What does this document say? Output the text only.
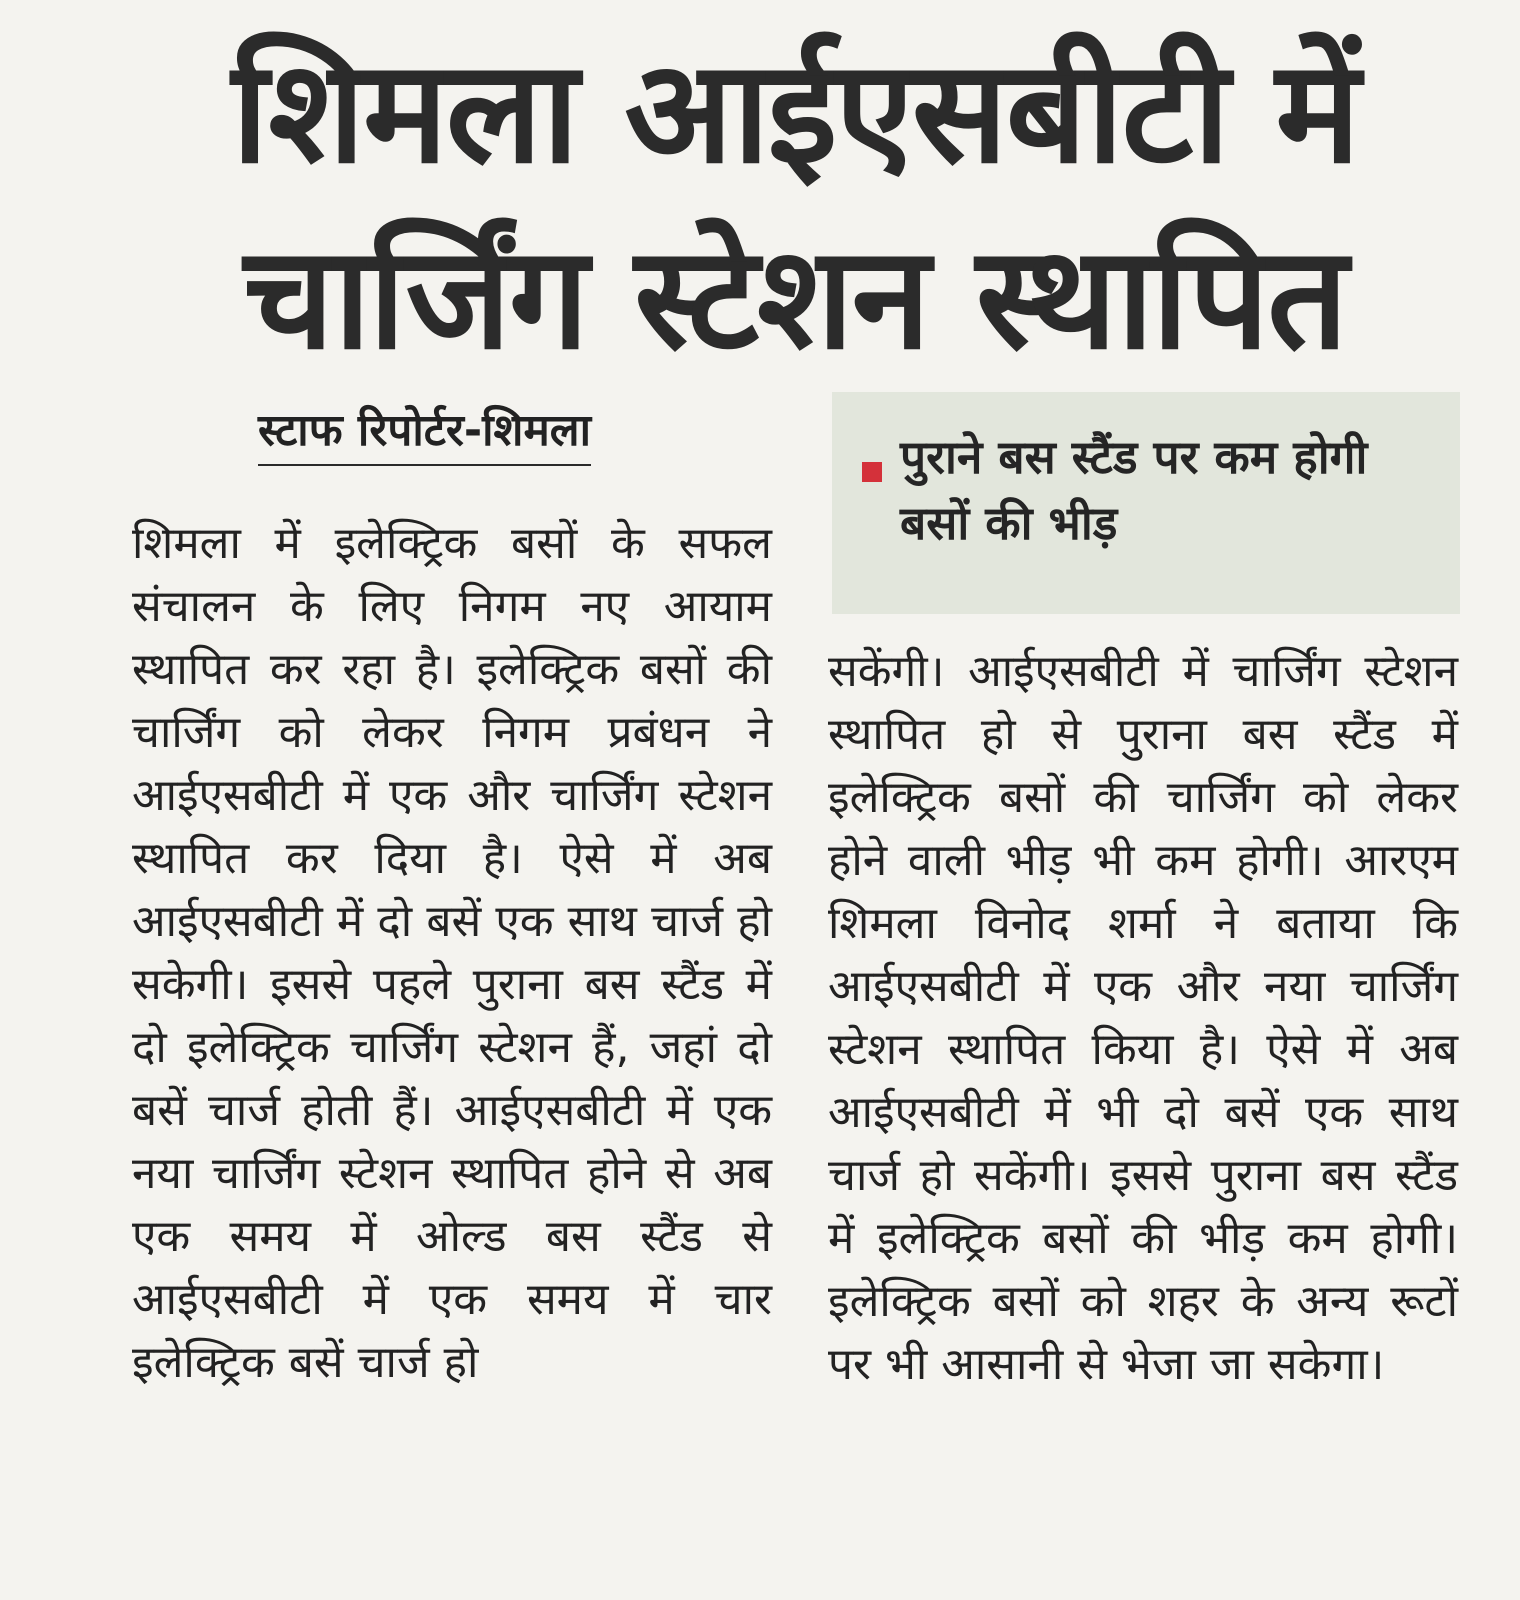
शिमला आईएसबीटी में
चार्जिंग स्टेशन स्थापित
स्टाफ रिपोर्टर-शिमला	पुराने बस स्टैंड पर कम होगी बसों की भीड़

शिमला में इलेक्ट्रिक बसों के सफल संचालन के लिए निगम नए आयाम स्थापित कर रहा है। इलेक्ट्रिक बसों की चार्जिंग को लेकर निगम प्रबंधन ने आईएसबीटी में एक और चार्जिंग स्टेशन स्थापित कर दिया है। ऐसे में अब आईएसबीटी में दो बसें एक साथ चार्ज हो सकेगी। इससे पहले पुराना बस स्टैंड में दो इलेक्ट्रिक चार्जिंग स्टेशन हैं, जहां दो बसें चार्ज होती हैं। आईएसबीटी में एक नया चार्जिंग स्टेशन स्थापित होने से अब एक समय में ओल्ड बस स्टैंड से आईएसबीटी में एक समय में चार इलेक्ट्रिक बसें चार्ज हो

सकेंगी। आईएसबीटी में चार्जिंग स्टेशन स्थापित हो से पुराना बस स्टैंड में इलेक्ट्रिक बसों की चार्जिंग को लेकर होने वाली भीड़ भी कम होगी। आरएम शिमला विनोद शर्मा ने बताया कि आईएसबीटी में एक और नया चार्जिंग स्टेशन स्थापित किया है। ऐसे में अब आईएसबीटी में भी दो बसें एक साथ चार्ज हो सकेंगी। इससे पुराना बस स्टैंड में इलेक्ट्रिक बसों की भीड़ कम होगी। इलेक्ट्रिक बसों को शहर के अन्य रूटों पर भी आसानी से भेजा जा सकेगा।
